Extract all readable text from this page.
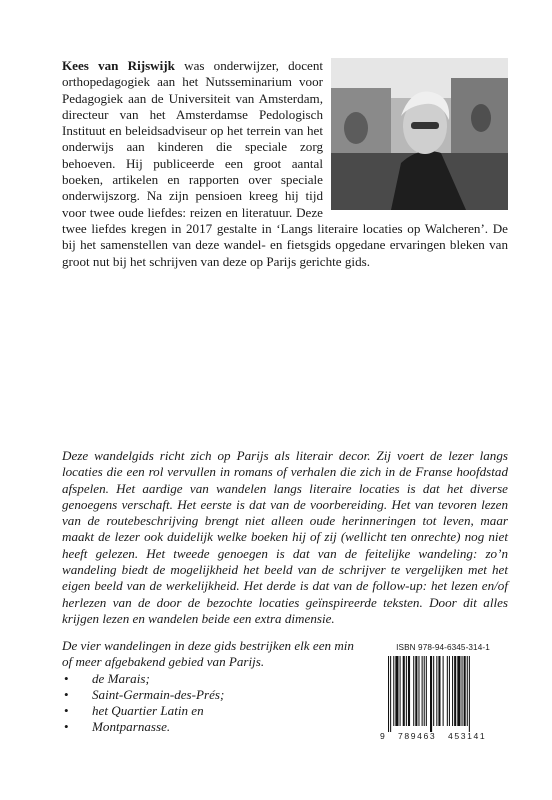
Kees van Rijswijk was onderwijzer, docent orthopedagogiek aan het Nutsseminarium voor Pedagogiek aan de Universiteit van Amsterdam, directeur van het Amsterdamse Pedologisch Instituut en beleidsadviseur op het terrein van het onderwijs aan kinderen die speciale zorg behoeven. Hij publiceerde een groot aantal boeken, artikelen en rapporten over speciale onderwijszorg. Na zijn pensioen kreeg hij tijd voor twee oude liefdes: reizen en literatuur. Deze twee liefdes kregen in 2017 gestalte in ‘Langs literaire locaties op Walcheren’. De bij het samenstellen van deze wandel- en fietsgids opgedane ervaringen bleken van groot nut bij het schrijven van deze op Parijs gerichte gids.

Deze wandelgids richt zich op Parijs als literair decor. Zij voert de lezer langs locaties die een rol vervullen in romans of verhalen die zich in de Franse hoofdstad afspelen. Het aardige van wandelen langs literaire locaties is dat het diverse genoegens verschaft. Het eerste is dat van de voorbereiding. Het van tevoren lezen van de routebeschrijving brengt niet alleen oude herinneringen tot leven, maar maakt de lezer ook duidelijk welke boeken hij of zij (wellicht ten onrechte) nog niet heeft gelezen. Het tweede genoegen is dat van de feitelijke wandeling: zo’n wandeling biedt de mogelijkheid het beeld van de schrijver te vergelijken met het eigen beeld van de werkelijkheid. Het derde is dat van de follow-up: het lezen en/of herlezen van de door de bezochte locaties geïnspireerde teksten. Door dit alles krijgen lezen en wandelen beide een extra dimensie.

De vier wandelingen in deze gids bestrijken elk een min of meer afgebakend gebied van Parijs.

• de Marais;
• Saint-Germain-des-Prés;
• het Quartier Latin en
• Montparnasse.
ISBN 978-94-6345-314-1
9 789463 453141
